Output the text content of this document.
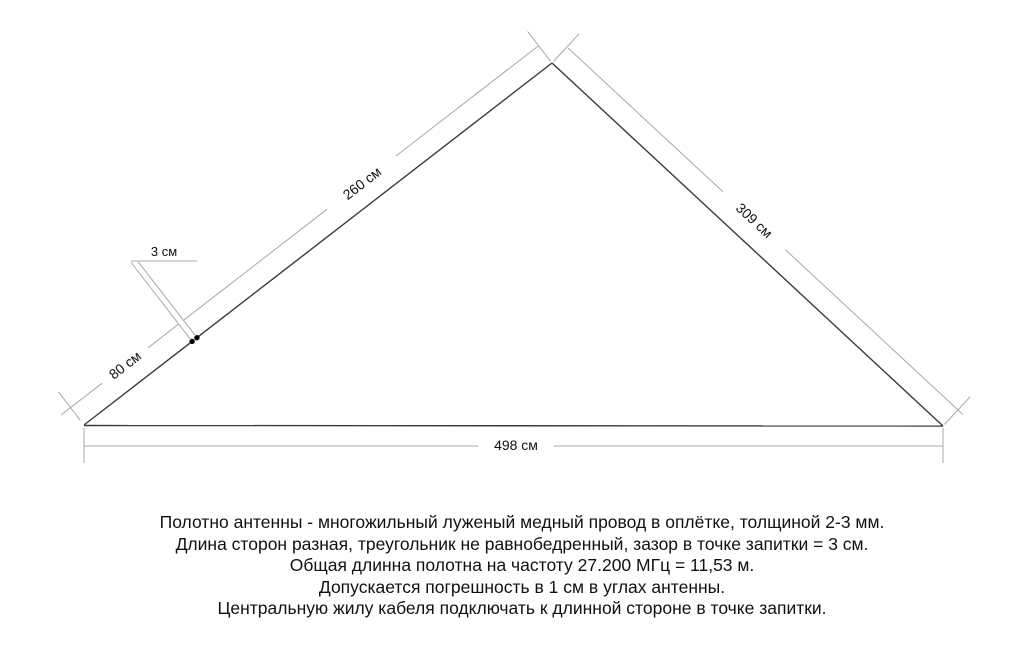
3 см
80 см
260 см
309 см
498 см
Полотно антенны - многожильный луженый медный провод в оплётке, толщиной 2-3 мм.
Длина сторон разная, треугольник не равнобедренный, зазор в точке запитки = 3 см.
Общая длинна полотна на частоту 27.200 МГц = 11,53 м.
Допускается погрешность в 1 см в углах антенны.
Центральную жилу кабеля подключать к длинной стороне в точке запитки.
